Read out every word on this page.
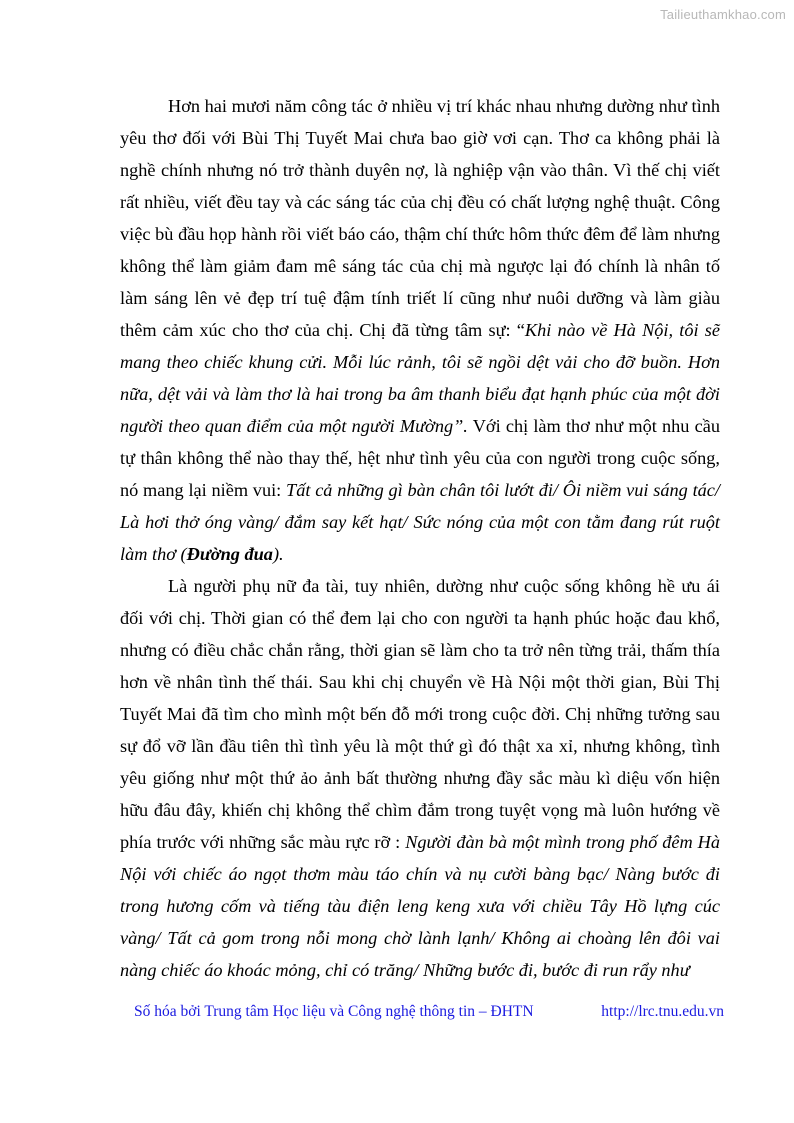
Tailieuthamkhao.com

Hơn hai mươi năm công tác ở nhiều vị trí khác nhau nhưng dường như tình yêu thơ đối với Bùi Thị Tuyết Mai chưa bao giờ vơi cạn. Thơ ca không phải là nghề chính nhưng nó trở thành duyên nợ, là nghiệp vận vào thân. Vì thế chị viết rất nhiều, viết đều tay và các sáng tác của chị đều có chất lượng nghệ thuật. Công việc bù đầu họp hành rồi viết báo cáo, thậm chí thức hôm thức đêm để làm nhưng không thể làm giảm đam mê sáng tác của chị mà ngược lại đó chính là nhân tố làm sáng lên vẻ đẹp trí tuệ đậm tính triết lí cũng như nuôi dưỡng và làm giàu thêm cảm xúc cho thơ của chị. Chị đã từng tâm sự: “Khi nào về Hà Nội, tôi sẽ mang theo chiếc khung cửi. Mỗi lúc rảnh, tôi sẽ ngồi dệt vải cho đỡ buồn. Hơn nữa, dệt vải và làm thơ là hai trong ba âm thanh biểu đạt hạnh phúc của một đời người theo quan điểm của một người Mường”. Với chị làm thơ như một nhu cầu tự thân không thể nào thay thế, hệt như tình yêu của con người trong cuộc sống, nó mang lại niềm vui: Tất cả những gì bàn chân tôi lướt đi/ Ôi niềm vui sáng tác/ Là hơi thở óng vàng/ đắm say kết hạt/ Sức nóng của một con tằm đang rút ruột làm thơ (Đường đua).

Là người phụ nữ đa tài, tuy nhiên, dường như cuộc sống không hề ưu ái đối với chị. Thời gian có thể đem lại cho con người ta hạnh phúc hoặc đau khổ, nhưng có điều chắc chắn rằng, thời gian sẽ làm cho ta trở nên từng trải, thấm thía hơn về nhân tình thế thái. Sau khi chị chuyển về Hà Nội một thời gian, Bùi Thị Tuyết Mai đã tìm cho mình một bến đỗ mới trong cuộc đời. Chị những tưởng sau sự đổ vỡ lần đầu tiên thì tình yêu là một thứ gì đó thật xa xỉ, nhưng không, tình yêu giống như một thứ ảo ảnh bất thường nhưng đầy sắc màu kì diệu vốn hiện hữu đâu đây, khiến chị không thể chìm đắm trong tuyệt vọng mà luôn hướng về phía trước với những sắc màu rực rỡ : Người đàn bà một mình trong phố đêm Hà Nội với chiếc áo ngọt thơm màu táo chín và nụ cười bàng bạc/ Nàng bước đi trong hương cốm và tiếng tàu điện leng keng xưa với chiều Tây Hồ lựng cúc vàng/ Tất cả gom trong nỗi mong chờ lành lạnh/ Không ai choàng lên đôi vai nàng chiếc áo khoác mỏng, chỉ có trăng/ Những bước đi, bước đi run rẩy như

Số hóa bởi Trung tâm Học liệu và Công nghệ thông tin – ĐHTN	http://lrc.tnu.edu.vn
